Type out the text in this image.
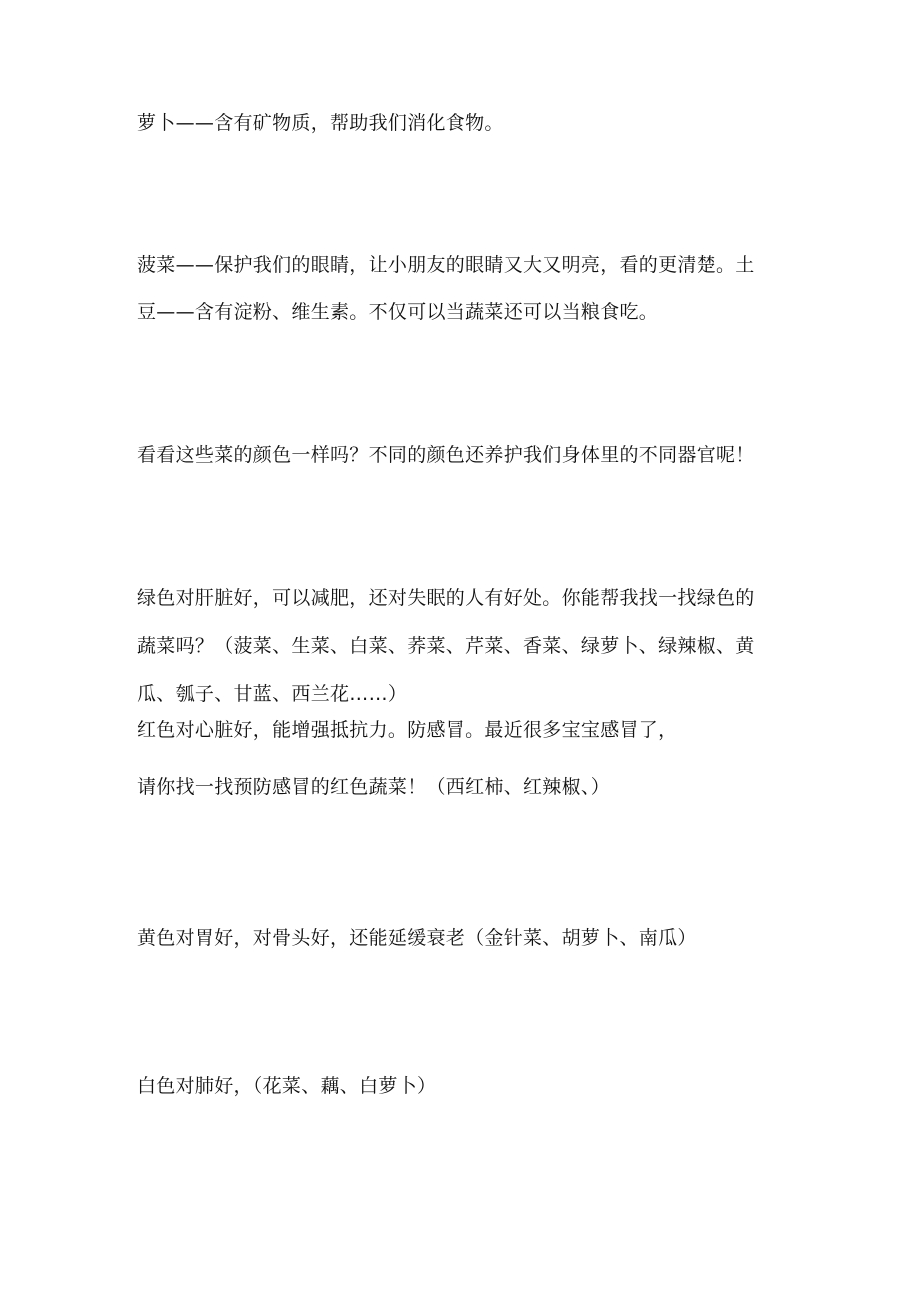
萝卜——含有矿物质，帮助我们消化食物。
菠菜——保护我们的眼睛，让小朋友的眼睛又大又明亮，看的更清楚。土
豆——含有淀粉、维生素。不仅可以当蔬菜还可以当粮食吃。
看看这些菜的颜色一样吗？不同的颜色还养护我们身体里的不同器官呢！
绿色对肝脏好，可以减肥，还对失眠的人有好处。你能帮我找一找绿色的
蔬菜吗？（菠菜、生菜、白菜、荞菜、芹菜、香菜、绿萝卜、绿辣椒、黄
瓜、瓠子、甘蓝、西兰花……）
红色对心脏好，能增强抵抗力。防感冒。最近很多宝宝感冒了，
请你找一找预防感冒的红色蔬菜！（西红柿、红辣椒、）
黄色对胃好，对骨头好，还能延缓衰老（金针菜、胡萝卜、南瓜）
白色对肺好，（花菜、藕、白萝卜）
